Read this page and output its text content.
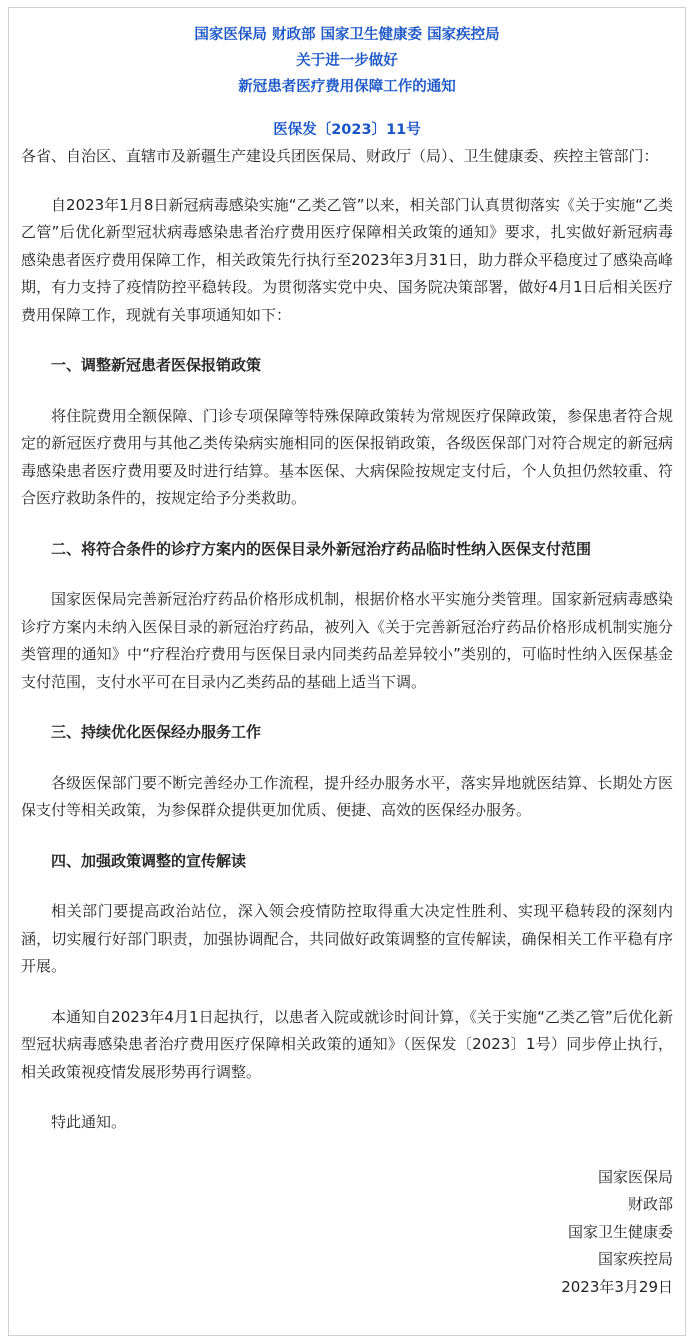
国家医保局 财政部 国家卫生健康委 国家疾控局
关于进一步做好
新冠患者医疗费用保障工作的通知
医保发〔2023〕11号

各省、自治区、直辖市及新疆生产建设兵团医保局、财政厅（局）、卫生健康委、疾控主管部门：

自2023年1月8日新冠病毒感染实施“乙类乙管”以来，相关部门认真贯彻落实《关于实施“乙类乙管”后优化新型冠状病毒感染患者治疗费用医疗保障相关政策的通知》要求，扎实做好新冠病毒感染患者医疗费用保障工作，相关政策先行执行至2023年3月31日，助力群众平稳度过了感染高峰期，有力支持了疫情防控平稳转段。为贯彻落实党中央、国务院决策部署，做好4月1日后相关医疗费用保障工作，现就有关事项通知如下：

一、调整新冠患者医保报销政策

将住院费用全额保障、门诊专项保障等特殊保障政策转为常规医疗保障政策，参保患者符合规定的新冠医疗费用与其他乙类传染病实施相同的医保报销政策，各级医保部门对符合规定的新冠病毒感染患者医疗费用要及时进行结算。基本医保、大病保险按规定支付后，个人负担仍然较重、符合医疗救助条件的，按规定给予分类救助。

二、将符合条件的诊疗方案内的医保目录外新冠治疗药品临时性纳入医保支付范围

国家医保局完善新冠治疗药品价格形成机制，根据价格水平实施分类管理。国家新冠病毒感染诊疗方案内未纳入医保目录的新冠治疗药品，被列入《关于完善新冠治疗药品价格形成机制实施分类管理的通知》中“疗程治疗费用与医保目录内同类药品差异较小”类别的，可临时性纳入医保基金支付范围，支付水平可在目录内乙类药品的基础上适当下调。

三、持续优化医保经办服务工作

各级医保部门要不断完善经办工作流程，提升经办服务水平，落实异地就医结算、长期处方医保支付等相关政策，为参保群众提供更加优质、便捷、高效的医保经办服务。

四、加强政策调整的宣传解读

相关部门要提高政治站位，深入领会疫情防控取得重大决定性胜利、实现平稳转段的深刻内涵，切实履行好部门职责，加强协调配合，共同做好政策调整的宣传解读，确保相关工作平稳有序开展。

本通知自2023年4月1日起执行，以患者入院或就诊时间计算，《关于实施“乙类乙管”后优化新型冠状病毒感染患者治疗费用医疗保障相关政策的通知》（医保发〔2023〕1号）同步停止执行，相关政策视疫情发展形势再行调整。

特此通知。

国家医保局
财政部
国家卫生健康委
国家疾控局
2023年3月29日
